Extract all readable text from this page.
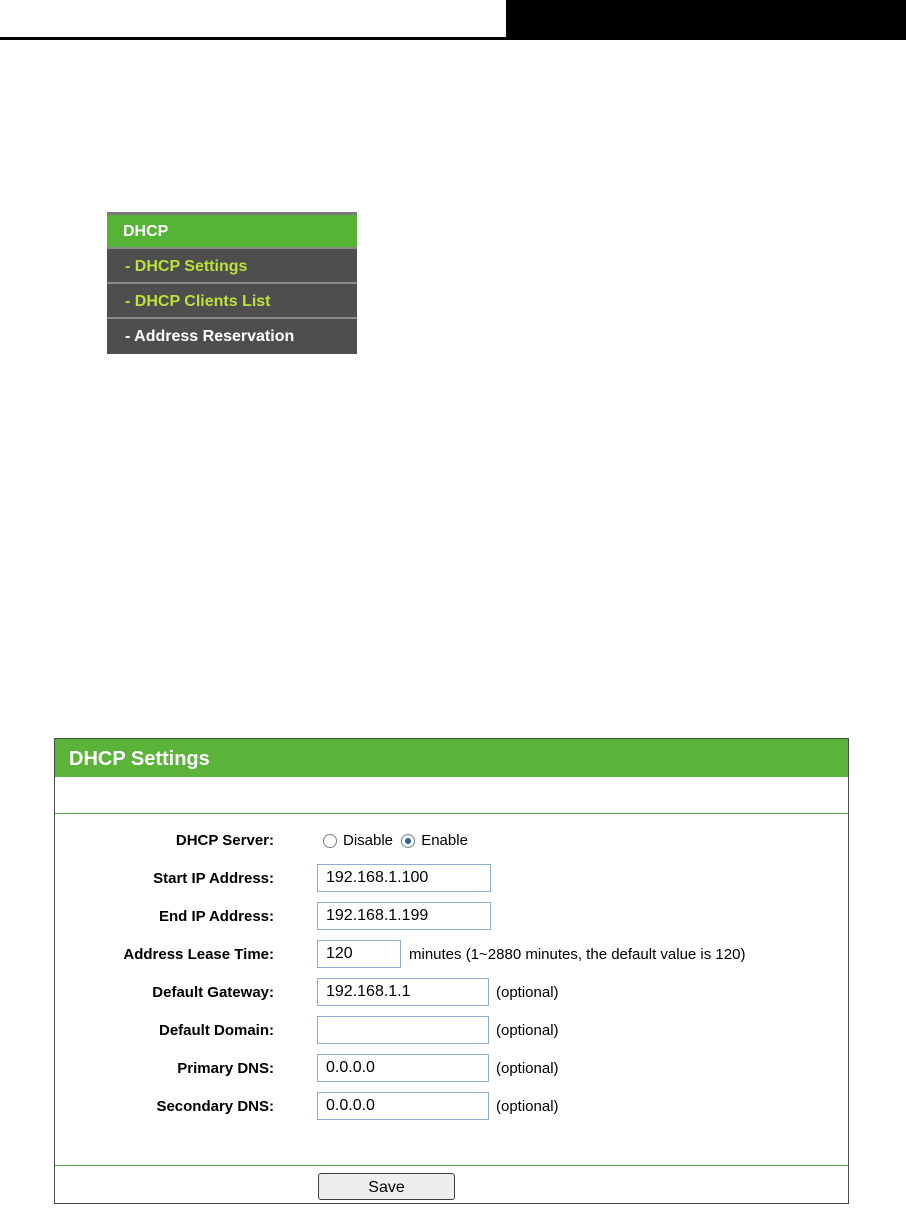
DHCP
- DHCP Settings
- DHCP Clients List
- Address Reservation
DHCP Settings
DHCP Server:	Disable Enable
Start IP Address:
192.168.1.100
End IP Address:
192.168.1.199
Address Lease Time:
120	minutes (1~2880 minutes, the default value is 120)
Default Gateway:
192.168.1.1	(optional)
Default Domain:	(optional)
Primary DNS:
0.0.0.0	(optional)
Secondary DNS:
0.0.0.0	(optional)
Save
